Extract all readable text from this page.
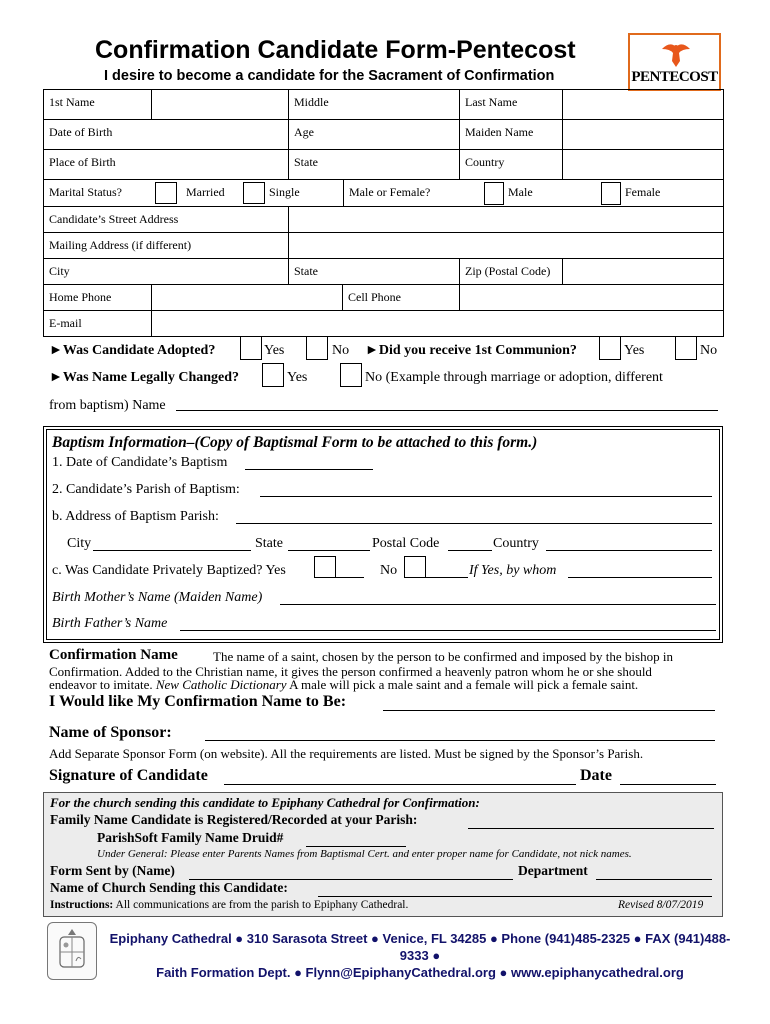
Confirmation Candidate Form-Pentecost
I desire to become a candidate for the Sacrament of Confirmation	PENTECOST
1st Name	Middle	Last Name
Date of Birth	Age	Maiden Name
Place of Birth	State	Country
Marital Status?	Married	Single	Male or Female?	Male	Female
Candidate’s Street Address
Mailing Address (if different)
City	State	Zip (Postal Code)
Home Phone	Cell Phone
E-mail
►Was Candidate Adopted?	Yes	No ►Did you receive 1st Communion?	Yes	No
►Was Name Legally Changed?	Yes	No (Example through marriage or adoption, different
from baptism) Name
Baptism Information–(Copy of Baptismal Form to be attached to this form.)
1. Date of Candidate’s Baptism
2. Candidate’s Parish of Baptism:
b. Address of Baptism Parish:
City	State	Postal Code	Country
c. Was Candidate Privately Baptized? Yes	No	If Yes, by whom
Birth Mother’s Name (Maiden Name)
Birth Father’s Name
Confirmation Name	The name of a saint, chosen by the person to be confirmed and imposed by the bishop in
Confirmation. Added to the Christian name, it gives the person confirmed a heavenly patron whom he or she should
endeavor to imitate. New Catholic Dictionary A male will pick a male saint and a female will pick a female saint.
I Would like My Confirmation Name to Be:
Name of Sponsor:
Add Separate Sponsor Form (on website). All the requirements are listed. Must be signed by the Sponsor’s Parish.
Signature of Candidate	Date
For the church sending this candidate to Epiphany Cathedral for Confirmation:
Family Name Candidate is Registered/Recorded at your Parish:
ParishSoft Family Name Druid#
Under General: Please enter Parents Names from Baptismal Cert. and enter proper name for Candidate, not nick names.
Form Sent by (Name)	Department
Name of Church Sending this Candidate:
Instructions: All communications are from the parish to Epiphany Cathedral.	Revised 8/07/2019
Epiphany Cathedral ● 310 Sarasota Street ● Venice, FL 34285 ● Phone (941)485-2325 ● FAX (941)488-9333 ●
Faith Formation Dept. ● Flynn@EpiphanyCathedral.org ● www.epiphanycathedral.org
